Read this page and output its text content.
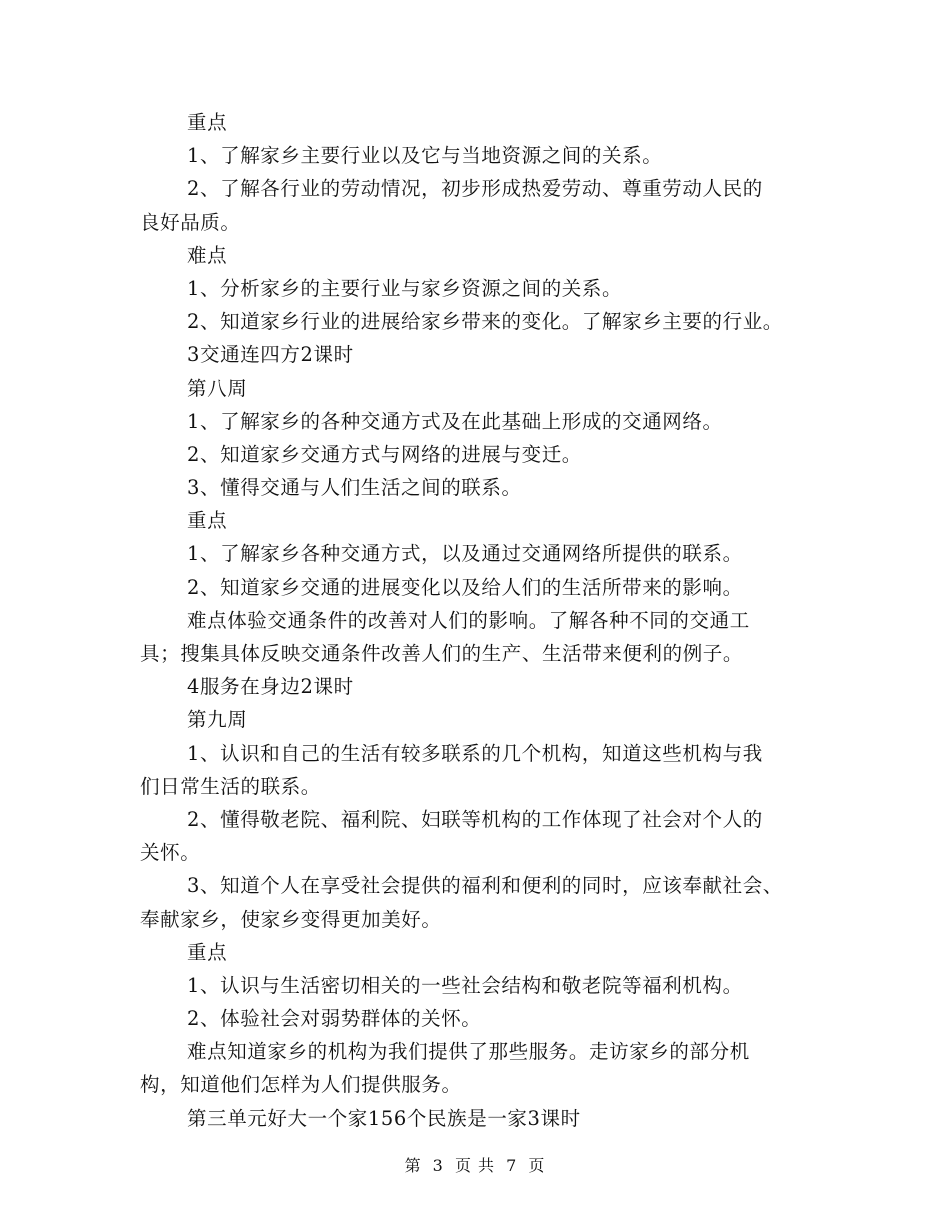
重点
1、了解家乡主要行业以及它与当地资源之间的关系。
2、了解各行业的劳动情况，初步形成热爱劳动、尊重劳动人民的
良好品质。
难点
1、分析家乡的主要行业与家乡资源之间的关系。
2、知道家乡行业的进展给家乡带来的变化。了解家乡主要的行业。
3交通连四方2课时
第八周
1、了解家乡的各种交通方式及在此基础上形成的交通网络。
2、知道家乡交通方式与网络的进展与变迁。
3、懂得交通与人们生活之间的联系。
重点
1、了解家乡各种交通方式，以及通过交通网络所提供的联系。
2、知道家乡交通的进展变化以及给人们的生活所带来的影响。
难点体验交通条件的改善对人们的影响。了解各种不同的交通工
具；搜集具体反映交通条件改善人们的生产、生活带来便利的例子。
4服务在身边2课时
第九周
1、认识和自己的生活有较多联系的几个机构，知道这些机构与我
们日常生活的联系。
2、懂得敬老院、福利院、妇联等机构的工作体现了社会对个人的
关怀。
3、知道个人在享受社会提供的福利和便利的同时，应该奉献社会、
奉献家乡，使家乡变得更加美好。
重点
1、认识与生活密切相关的一些社会结构和敬老院等福利机构。
2、体验社会对弱势群体的关怀。
难点知道家乡的机构为我们提供了那些服务。走访家乡的部分机
构，知道他们怎样为人们提供服务。
第三单元好大一个家156个民族是一家3课时
第 3 页 共 7 页
